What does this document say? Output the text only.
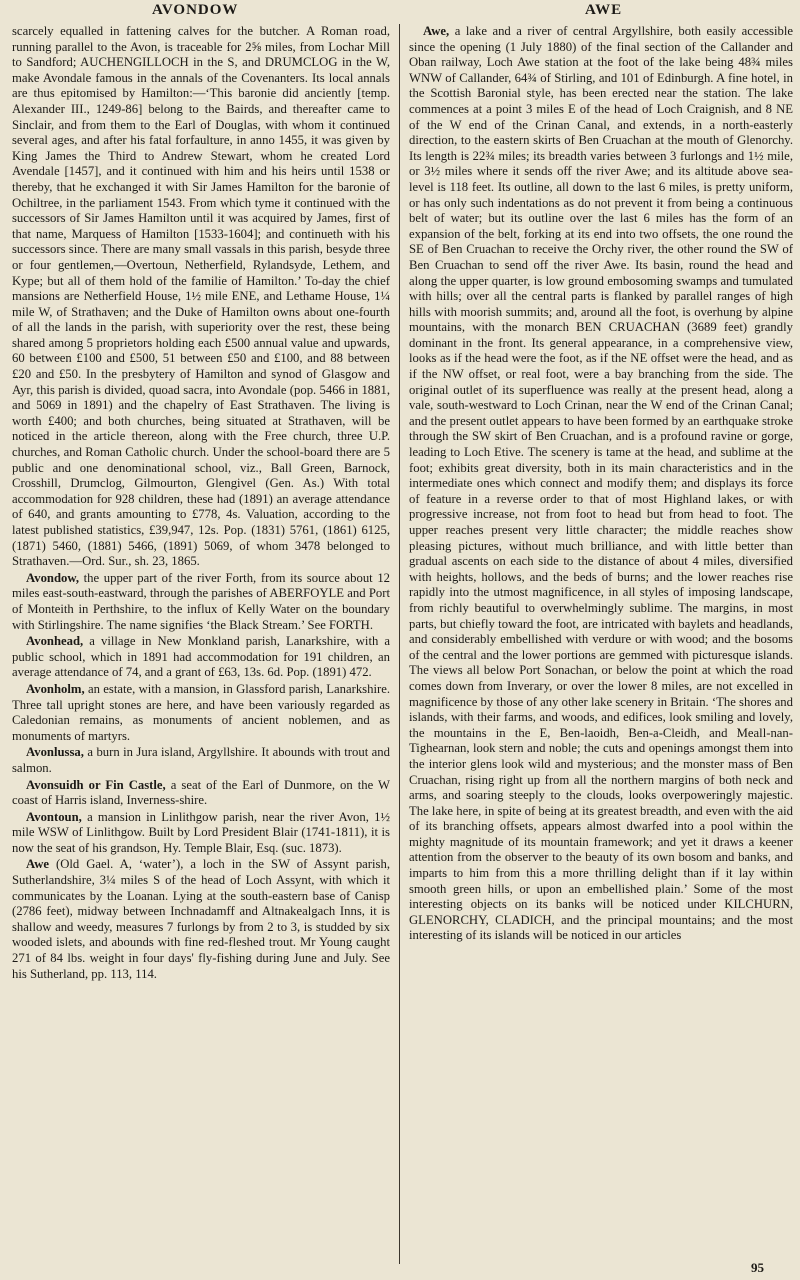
AVONDOW	AWE

scarcely equalled in fattening calves for the butcher. A Roman road, running parallel to the Avon, is traceable for 2⅝ miles, from Lochar Mill to Sandford; AUCHENGILLOCH in the S, and DRUMCLOG in the W, make Avondale famous in the annals of the Covenanters. Its local annals are thus epitomised by Hamilton:—‘This baronie did anciently [temp. Alexander III., 1249-86] belong to the Bairds, and thereafter came to Sinclair, and from them to the Earl of Douglas, with whom it continued several ages, and after his fatal forfaulture, in anno 1455, it was given by King James the Third to Andrew Stewart, whom he created Lord Avendale [1457], and it continued with him and his heirs until 1538 or thereby, that he exchanged it with Sir James Hamilton for the baronie of Ochiltree, in the parliament 1543. From which tyme it continued with the successors of Sir James Hamilton until it was acquired by James, first of that name, Marquess of Hamilton [1533-1604]; and continueth with his successors since. There are many small vassals in this parish, besyde three or four gentlemen,—Overtoun, Netherfield, Rylandsyde, Lethem, and Kype; but all of them hold of the familie of Hamilton.’ To-day the chief mansions are Netherfield House, 1½ mile ENE, and Lethame House, 1¼ mile W, of Strathaven; and the Duke of Hamilton owns about one-fourth of all the lands in the parish, with superiority over the rest, these being shared among 5 proprietors holding each £500 annual value and upwards, 60 between £100 and £500, 51 between £50 and £100, and 88 between £20 and £50. In the presbytery of Hamilton and synod of Glasgow and Ayr, this parish is divided, quoad sacra, into Avondale (pop. 5466 in 1881, and 5069 in 1891) and the chapelry of East Strathaven. The living is worth £400; and both churches, being situated at Strathaven, will be noticed in the article thereon, along with the Free church, three U.P. churches, and Roman Catholic church. Under the school-board there are 5 public and one denominational school, viz., Ball Green, Barnock, Crosshill, Drumclog, Gilmourton, Glengivel (Gen. As.) With total accommodation for 928 children, these had (1891) an average attendance of 640, and grants amounting to £778, 4s. Valuation, according to the latest published statistics, £39,947, 12s. Pop. (1831) 5761, (1861) 6125, (1871) 5460, (1881) 5466, (1891) 5069, of whom 3478 belonged to Strathaven.—Ord. Sur., sh. 23, 1865.

Avondow, the upper part of the river Forth, from its source about 12 miles east-south-eastward, through the parishes of ABERFOYLE and Port of Monteith in Perthshire, to the influx of Kelly Water on the boundary with Stirlingshire. The name signifies ‘the Black Stream.’ See FORTH.

Avonhead, a village in New Monkland parish, Lanarkshire, with a public school, which in 1891 had accommodation for 191 children, an average attendance of 74, and a grant of £63, 13s. 6d. Pop. (1891) 472.

Avonholm, an estate, with a mansion, in Glassford parish, Lanarkshire. Three tall upright stones are here, and have been variously regarded as Caledonian remains, as monuments of ancient noblemen, and as monuments of martyrs.

Avonlussa, a burn in Jura island, Argyllshire. It abounds with trout and salmon.

Avonsuidh or Fin Castle, a seat of the Earl of Dunmore, on the W coast of Harris island, Inverness-shire.

Avontoun, a mansion in Linlithgow parish, near the river Avon, 1½ mile WSW of Linlithgow. Built by Lord President Blair (1741-1811), it is now the seat of his grandson, Hy. Temple Blair, Esq. (suc. 1873).

Awe (Old Gael. A, ‘water’), a loch in the SW of Assynt parish, Sutherlandshire, 3¼ miles S of the head of Loch Assynt, with which it communicates by the Loanan. Lying at the south-eastern base of Canisp (2786 feet), midway between Inchnadamff and Altnakealgach Inns, it is shallow and weedy, measures 7 furlongs by from 2 to 3, is studded by six wooded islets, and abounds with fine red-fleshed trout. Mr Young caught 271 of 84 lbs. weight in four days' fly-fishing during June and July. See his Sutherland, pp. 113, 114.

Awe, a lake and a river of central Argyllshire, both easily accessible since the opening (1 July 1880) of the final section of the Callander and Oban railway, Loch Awe station at the foot of the lake being 48¾ miles WNW of Callander, 64¾ of Stirling, and 101 of Edinburgh. A fine hotel, in the Scottish Baronial style, has been erected near the station. The lake commences at a point 3 miles E of the head of Loch Craignish, and 8 NE of the W end of the Crinan Canal, and extends, in a north-easterly direction, to the eastern skirts of Ben Cruachan at the mouth of Glenorchy. Its length is 22¾ miles; its breadth varies between 3 furlongs and 1½ mile, or 3½ miles where it sends off the river Awe; and its altitude above sea-level is 118 feet. Its outline, all down to the last 6 miles, is pretty uniform, or has only such indentations as do not prevent it from being a continuous belt of water; but its outline over the last 6 miles has the form of an expansion of the belt, forking at its end into two offsets, the one round the SE of Ben Cruachan to receive the Orchy river, the other round the SW of Ben Cruachan to send off the river Awe. Its basin, round the head and along the upper quarter, is low ground embosoming swamps and tumulated with hills; over all the central parts is flanked by parallel ranges of high hills with moorish summits; and, around all the foot, is overhung by alpine mountains, with the monarch BEN CRUACHAN (3689 feet) grandly dominant in the front. Its general appearance, in a comprehensive view, looks as if the head were the foot, as if the NE offset were the head, and as if the NW offset, or real foot, were a bay branching from the side. The original outlet of its superfluence was really at the present head, along a vale, south-westward to Loch Crinan, near the W end of the Crinan Canal; and the present outlet appears to have been formed by an earthquake stroke through the SW skirt of Ben Cruachan, and is a profound ravine or gorge, leading to Loch Etive. The scenery is tame at the head, and sublime at the foot; exhibits great diversity, both in its main characteristics and in the intermediate ones which connect and modify them; and displays its force of feature in a reverse order to that of most Highland lakes, or with progressive increase, not from foot to head but from head to foot. The upper reaches present very little character; the middle reaches show pleasing pictures, without much brilliance, and with little better than gradual ascents on each side to the distance of about 4 miles, diversified with heights, hollows, and the beds of burns; and the lower reaches rise rapidly into the utmost magnificence, in all styles of imposing landscape, from richly beautiful to overwhelmingly sublime. The margins, in most parts, but chiefly toward the foot, are intricated with baylets and headlands, and considerably embellished with verdure or with wood; and the bosoms of the central and the lower portions are gemmed with picturesque islands. The views all below Port Sonachan, or below the point at which the road comes down from Inverary, or over the lower 8 miles, are not excelled in magnificence by those of any other lake scenery in Britain. ‘The shores and islands, with their farms, and woods, and edifices, look smiling and lovely, the mountains in the E, Ben-laoidh, Ben-a-Cleidh, and Meall-nan-Tighearnan, look stern and noble; the cuts and openings amongst them into the interior glens look wild and mysterious; and the monster mass of Ben Cruachan, rising right up from all the northern margins of both neck and arms, and soaring steeply to the clouds, looks overpoweringly majestic. The lake here, in spite of being at its greatest breadth, and even with the aid of its branching offsets, appears almost dwarfed into a pool within the mighty magnitude of its mountain framework; and yet it draws a keener attention from the observer to the beauty of its own bosom and banks, and imparts to him from this a more thrilling delight than if it lay within smooth green hills, or upon an embellished plain.’ Some of the most interesting objects on its banks will be noticed under KILCHURN, GLENORCHY, CLADICH, and the principal mountains; and the most interesting of its islands will be noticed in our articles

95
